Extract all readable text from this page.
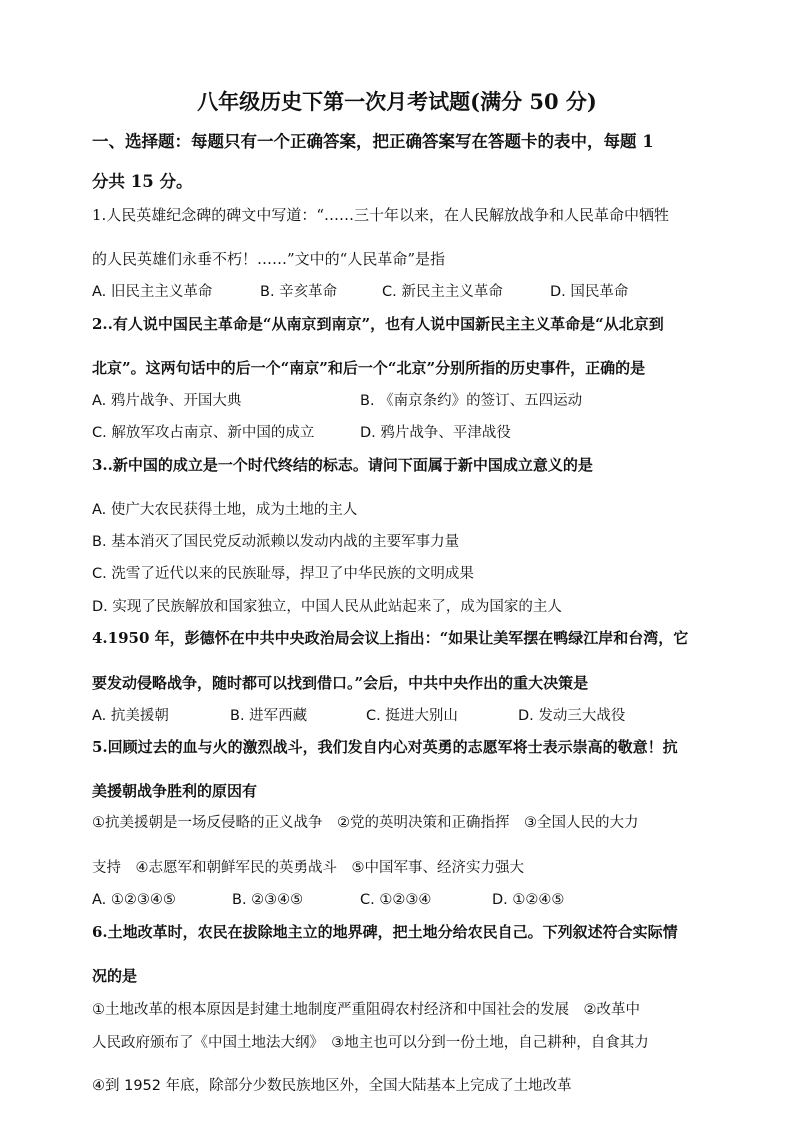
八年级历史下第一次月考试题(满分 50 分)
一、选择题：每题只有一个正确答案，把正确答案写在答题卡的表中，每题 1
分共 15 分。
1.人民英雄纪念碑的碑文中写道：“……三十年以来，在人民解放战争和人民革命中牺牲
的人民英雄们永垂不朽！……”文中的“人民革命”是指
A. 旧民主主义革命	B. 辛亥革命	C. 新民主主义革命	D. 国民革命
2..有人说中国民主革命是“从南京到南京”，也有人说中国新民主主义革命是“从北京到
北京”。这两句话中的后一个“南京”和后一个“北京”分别所指的历史事件，正确的是
A. 鸦片战争、开国大典	B. 《南京条约》的签订、五四运动
C. 解放军攻占南京、新中国的成立	D. 鸦片战争、平津战役
3..新中国的成立是一个时代终结的标志。请问下面属于新中国成立意义的是
A. 使广大农民获得土地，成为土地的主人
B. 基本消灭了国民党反动派赖以发动内战的主要军事力量
C. 洗雪了近代以来的民族耻辱，捍卫了中华民族的文明成果
D. 实现了民族解放和国家独立，中国人民从此站起来了，成为国家的主人
4.1950 年，彭德怀在中共中央政治局会议上指出：“如果让美军摆在鸭绿江岸和台湾，它
要发动侵略战争，随时都可以找到借口。”会后，中共中央作出的重大决策是
A. 抗美援朝	B. 进军西藏	C. 挺进大别山	D. 发动三大战役
5.回顾过去的血与火的激烈战斗，我们发自内心对英勇的志愿军将士表示崇高的敬意！抗
美援朝战争胜利的原因有
①抗美援朝是一场反侵略的正义战争　②党的英明决策和正确指挥　③全国人民的大力
支持　④志愿军和朝鲜军民的英勇战斗　⑤中国军事、经济实力强大
A. ①②③④⑤	B. ②③④⑤	C. ①②③④	D. ①②④⑤
6.土地改革时，农民在拔除地主立的地界碑，把土地分给农民自己。下列叙述符合实际情
况的是
①土地改革的根本原因是封建土地制度严重阻碍农村经济和中国社会的发展　②改革中
人民政府颁布了《中国土地法大纲》　③地主也可以分到一份土地，自己耕种，自食其力
④到 1952 年底，除部分少数民族地区外，全国大陆基本上完成了土地改革
